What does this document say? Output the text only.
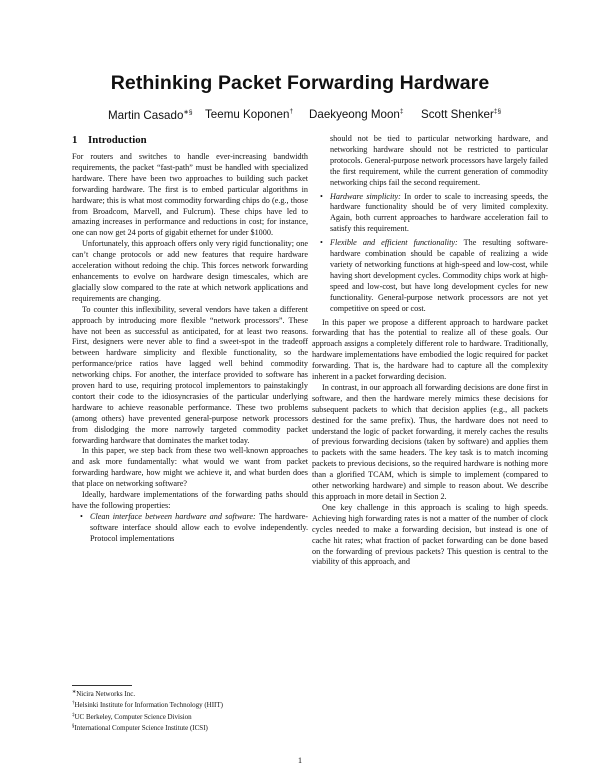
Rethinking Packet Forwarding Hardware
Martin Casado∗§ Teemu Koponen† Daekyeong Moon‡ Scott Shenker‡§
1 Introduction

For routers and switches to handle ever-increasing bandwidth requirements, the packet “fast-path” must be handled with specialized hardware. There have been two approaches to building such packet forwarding hardware. The first is to embed particular algorithms in hardware; this is what most commodity forwarding chips do (e.g., those from Broadcom, Marvell, and Fulcrum). These chips have led to amazing increases in performance and reductions in cost; for instance, one can now get 24 ports of gigabit ethernet for under $1000.

Unfortunately, this approach offers only very rigid functionality; one can’t change protocols or add new features that require hardware acceleration without redoing the chip. This forces network forwarding enhancements to evolve on hardware design timescales, which are glacially slow compared to the rate at which network applications and requirements are changing.

To counter this inflexibility, several vendors have taken a different approach by introducing more flexible “network processors”. These have not been as successful as anticipated, for at least two reasons. First, designers were never able to find a sweet-spot in the tradeoff between hardware simplicity and flexible functionality, so the performance/price ratios have lagged well behind commodity networking chips. For another, the interface provided to software has proven hard to use, requiring protocol implementors to painstakingly contort their code to the idiosyncrasies of the particular underlying hardware to achieve reasonable performance. These two problems (among others) have prevented general-purpose network processors from dislodging the more narrowly targeted commodity packet forwarding hardware that dominates the market today.

In this paper, we step back from these two well-known approaches and ask more fundamentally: what would we want from packet forwarding hardware, how might we achieve it, and what burden does that place on networking software?

Ideally, hardware implementations of the forwarding paths should have the following properties:

• Clean interface between hardware and software: The hardware-software interface should allow each to evolve independently. Protocol implementations
should not be tied to particular networking hardware, and networking hardware should not be restricted to particular protocols. General-purpose network processors have largely failed the first requirement, while the current generation of commodity networking chips fail the second requirement.
• Hardware simplicity: In order to scale to increasing speeds, the hardware functionality should be of very limited complexity. Again, both current approaches to hardware acceleration fail to satisfy this requirement.
• Flexible and efficient functionality: The resulting software-hardware combination should be capable of realizing a wide variety of networking functions at high-speed and low-cost, while having short development cycles. Commodity chips work at high-speed and low-cost, but have long development cycles for new functionality. General-purpose network processors are not yet competitive on speed or cost.

In this paper we propose a different approach to hardware packet forwarding that has the potential to realize all of these goals. Our approach assigns a completely different role to hardware. Traditionally, hardware implementations have embodied the logic required for packet forwarding. That is, the hardware had to capture all the complexity inherent in a packet forwarding decision.

In contrast, in our approach all forwarding decisions are done first in software, and then the hardware merely mimics these decisions for subsequent packets to which that decision applies (e.g., all packets destined for the same prefix). Thus, the hardware does not need to understand the logic of packet forwarding, it merely caches the results of previous forwarding decisions (taken by software) and applies them to packets with the same headers. The key task is to match incoming packets to previous decisions, so the required hardware is nothing more than a glorified TCAM, which is simple to implement (compared to other networking hardware) and simple to reason about. We describe this approach in more detail in Section 2.

One key challenge in this approach is scaling to high speeds. Achieving high forwarding rates is not a matter of the number of clock cycles needed to make a forwarding decision, but instead is one of cache hit rates; what fraction of packet forwarding can be done based on the forwarding of previous packets? This question is central to the viability of this approach, and

∗Nicira Networks Inc.
†Helsinki Institute for Information Technology (HIIT)
‡UC Berkeley, Computer Science Division
§International Computer Science Institute (ICSI)
1
